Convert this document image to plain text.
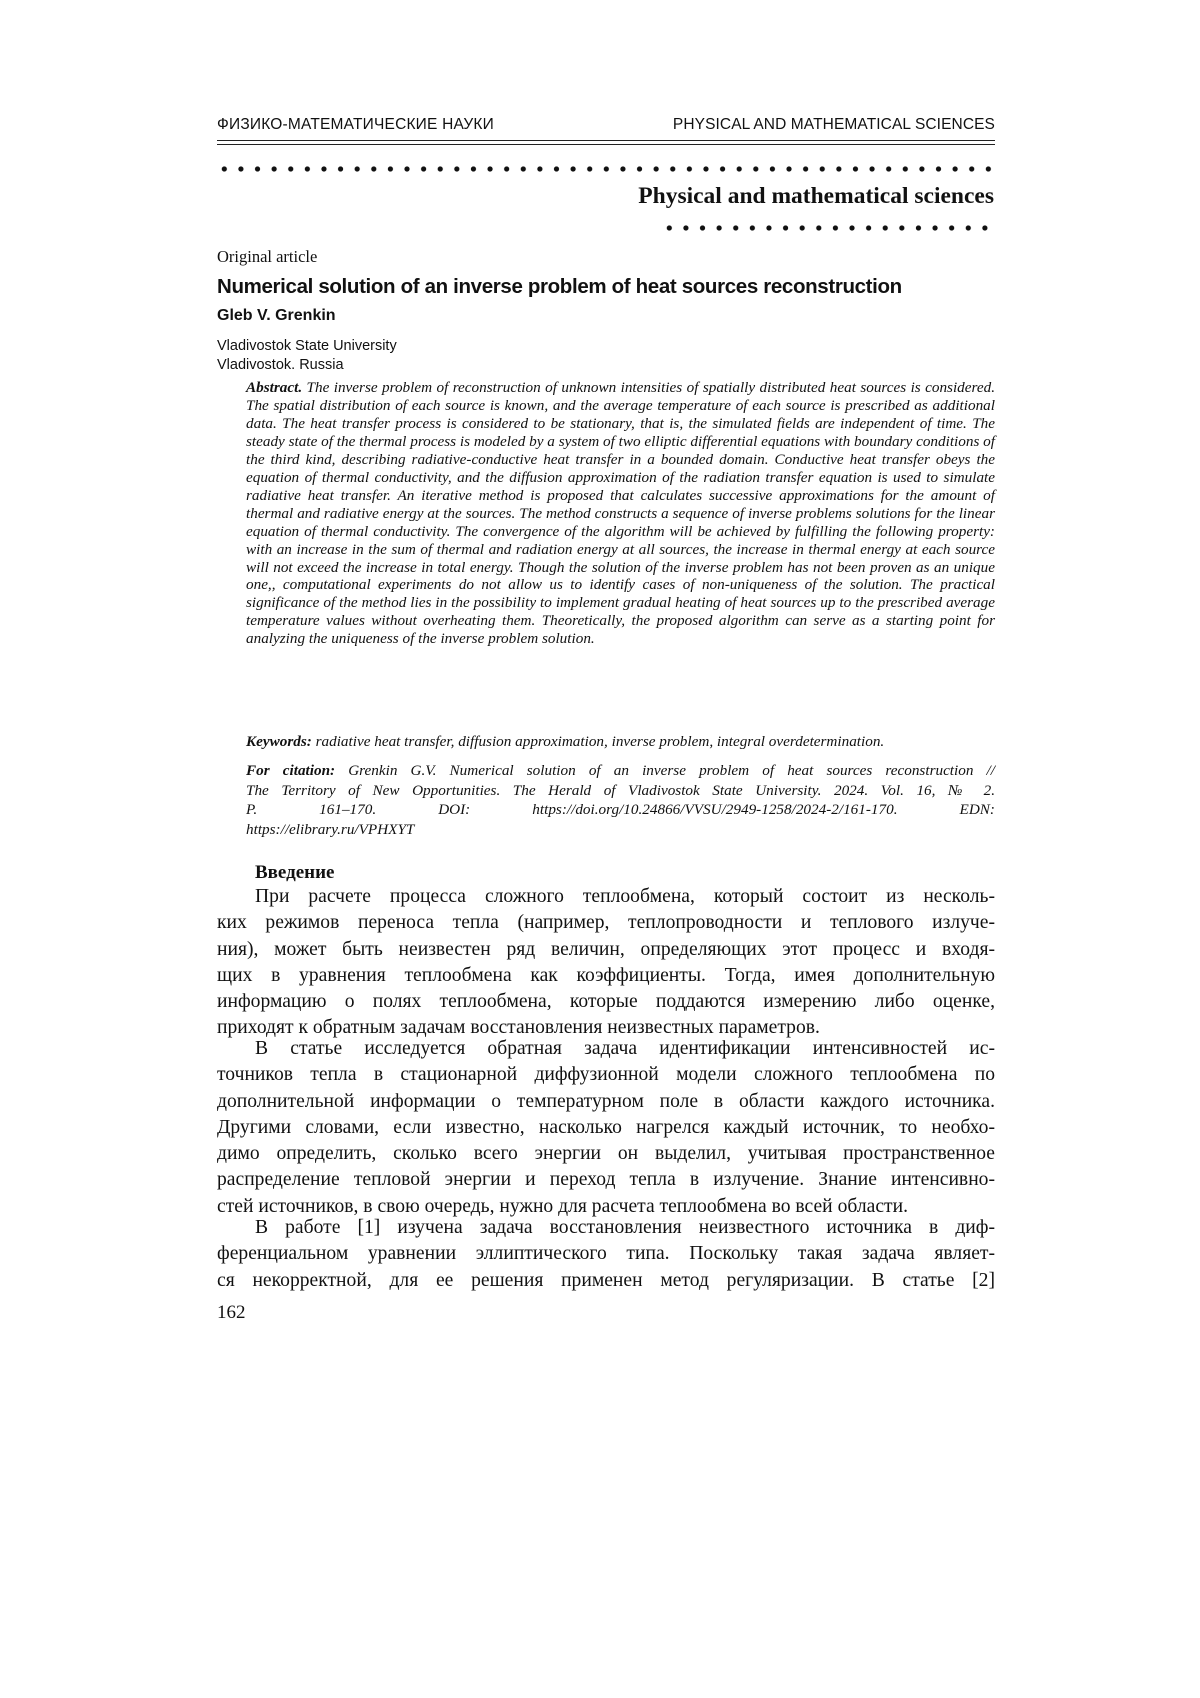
ФИЗИКО-МАТЕМАТИЧЕСКИЕ НАУКИ	PHYSICAL AND MATHEMATICAL SCIENCES
Physical and mathematical sciences
Original article
Numerical solution of an inverse problem of heat sources reconstruction
Gleb V. Grenkin
Vladivostok State University
Vladivostok. Russia
Abstract. The inverse problem of reconstruction of unknown intensities of spatially distributed heat sources is considered. The spatial distribution of each source is known, and the average temperature of each source is prescribed as additional data. The heat transfer process is considered to be stationary, that is, the simulated fields are independent of time. The steady state of the thermal process is modeled by a system of two elliptic differential equations with boundary conditions of the third kind, describing radiative-conductive heat transfer in a bounded domain. Conductive heat transfer obeys the equation of thermal conductivity, and the diffusion approximation of the radiation transfer equation is used to simulate radiative heat transfer. An iterative method is proposed that calculates successive approximations for the amount of thermal and radiative energy at the sources. The method constructs a sequence of inverse problems solutions for the linear equation of thermal conductivity. The convergence of the algorithm will be achieved by fulfilling the following property: with an increase in the sum of thermal and radiation energy at all sources, the increase in thermal energy at each source will not exceed the increase in total energy. Though the solution of the inverse problem has not been proven as an unique one,, computational experiments do not allow us to identify cases of non-uniqueness of the solution. The practical significance of the method lies in the possibility to implement gradual heating of heat sources up to the prescribed average temperature values without overheating them. Theoretically, the proposed algorithm can serve as a starting point for analyzing the uniqueness of the inverse problem solution.
Keywords: radiative heat transfer, diffusion approximation, inverse problem, integral overdetermination.
For citation: Grenkin G.V. Numerical solution of an inverse problem of heat sources reconstruction //
The Territory of New Opportunities. The Herald of Vladivostok State University. 2024. Vol. 16, № 2.
P. 161–170. DOI: https://doi.org/10.24866/VVSU/2949-1258/2024-2/161-170. EDN:
https://elibrary.ru/VPHXYT
Введение
При расчете процесса сложного теплообмена, который состоит из несколь-
ких режимов переноса тепла (например, теплопроводности и теплового излуче-
ния), может быть неизвестен ряд величин, определяющих этот процесс и входя-
щих в уравнения теплообмена как коэффициенты. Тогда, имея дополнительную
информацию о полях теплообмена, которые поддаются измерению либо оценке,
приходят к обратным задачам восстановления неизвестных параметров.
В статье исследуется обратная задача идентификации интенсивностей ис-
точников тепла в стационарной диффузионной модели сложного теплообмена по
дополнительной информации о температурном поле в области каждого источника.
Другими словами, если известно, насколько нагрелся каждый источник, то необхо-
димо определить, сколько всего энергии он выделил, учитывая пространственное
распределение тепловой энергии и переход тепла в излучение. Знание интенсивно-
стей источников, в свою очередь, нужно для расчета теплообмена во всей области.
В работе [1] изучена задача восстановления неизвестного источника в диф-
ференциальном уравнении эллиптического типа. Поскольку такая задача являет-
ся некорректной, для ее решения применен метод регуляризации. В статье [2]
162
